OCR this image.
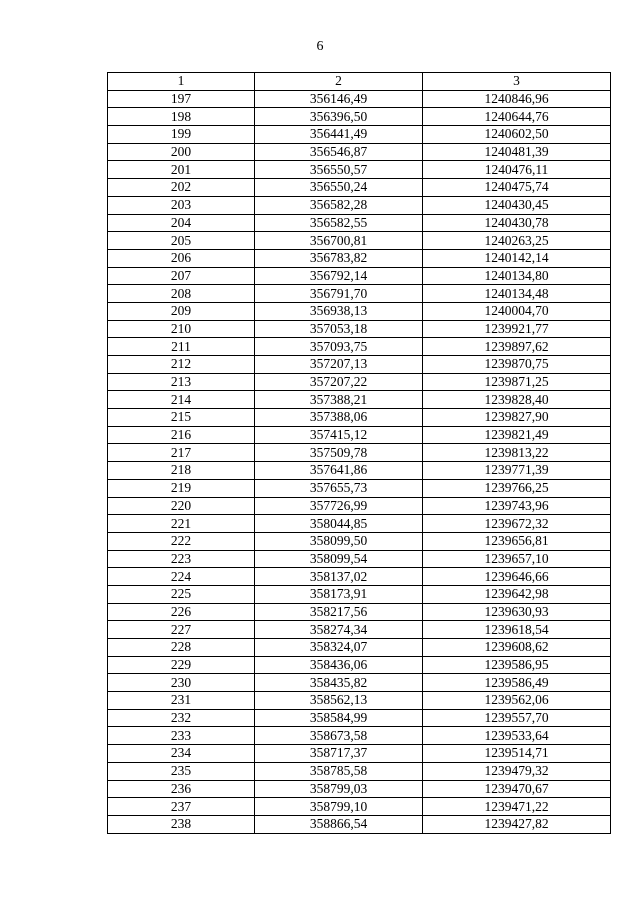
6
1	2	3
197	356146,49	1240846,96
198	356396,50	1240644,76
199	356441,49	1240602,50
200	356546,87	1240481,39
201	356550,57	1240476,11
202	356550,24	1240475,74
203	356582,28	1240430,45
204	356582,55	1240430,78
205	356700,81	1240263,25
206	356783,82	1240142,14
207	356792,14	1240134,80
208	356791,70	1240134,48
209	356938,13	1240004,70
210	357053,18	1239921,77
211	357093,75	1239897,62
212	357207,13	1239870,75
213	357207,22	1239871,25
214	357388,21	1239828,40
215	357388,06	1239827,90
216	357415,12	1239821,49
217	357509,78	1239813,22
218	357641,86	1239771,39
219	357655,73	1239766,25
220	357726,99	1239743,96
221	358044,85	1239672,32
222	358099,50	1239656,81
223	358099,54	1239657,10
224	358137,02	1239646,66
225	358173,91	1239642,98
226	358217,56	1239630,93
227	358274,34	1239618,54
228	358324,07	1239608,62
229	358436,06	1239586,95
230	358435,82	1239586,49
231	358562,13	1239562,06
232	358584,99	1239557,70
233	358673,58	1239533,64
234	358717,37	1239514,71
235	358785,58	1239479,32
236	358799,03	1239470,67
237	358799,10	1239471,22
238	358866,54	1239427,82
